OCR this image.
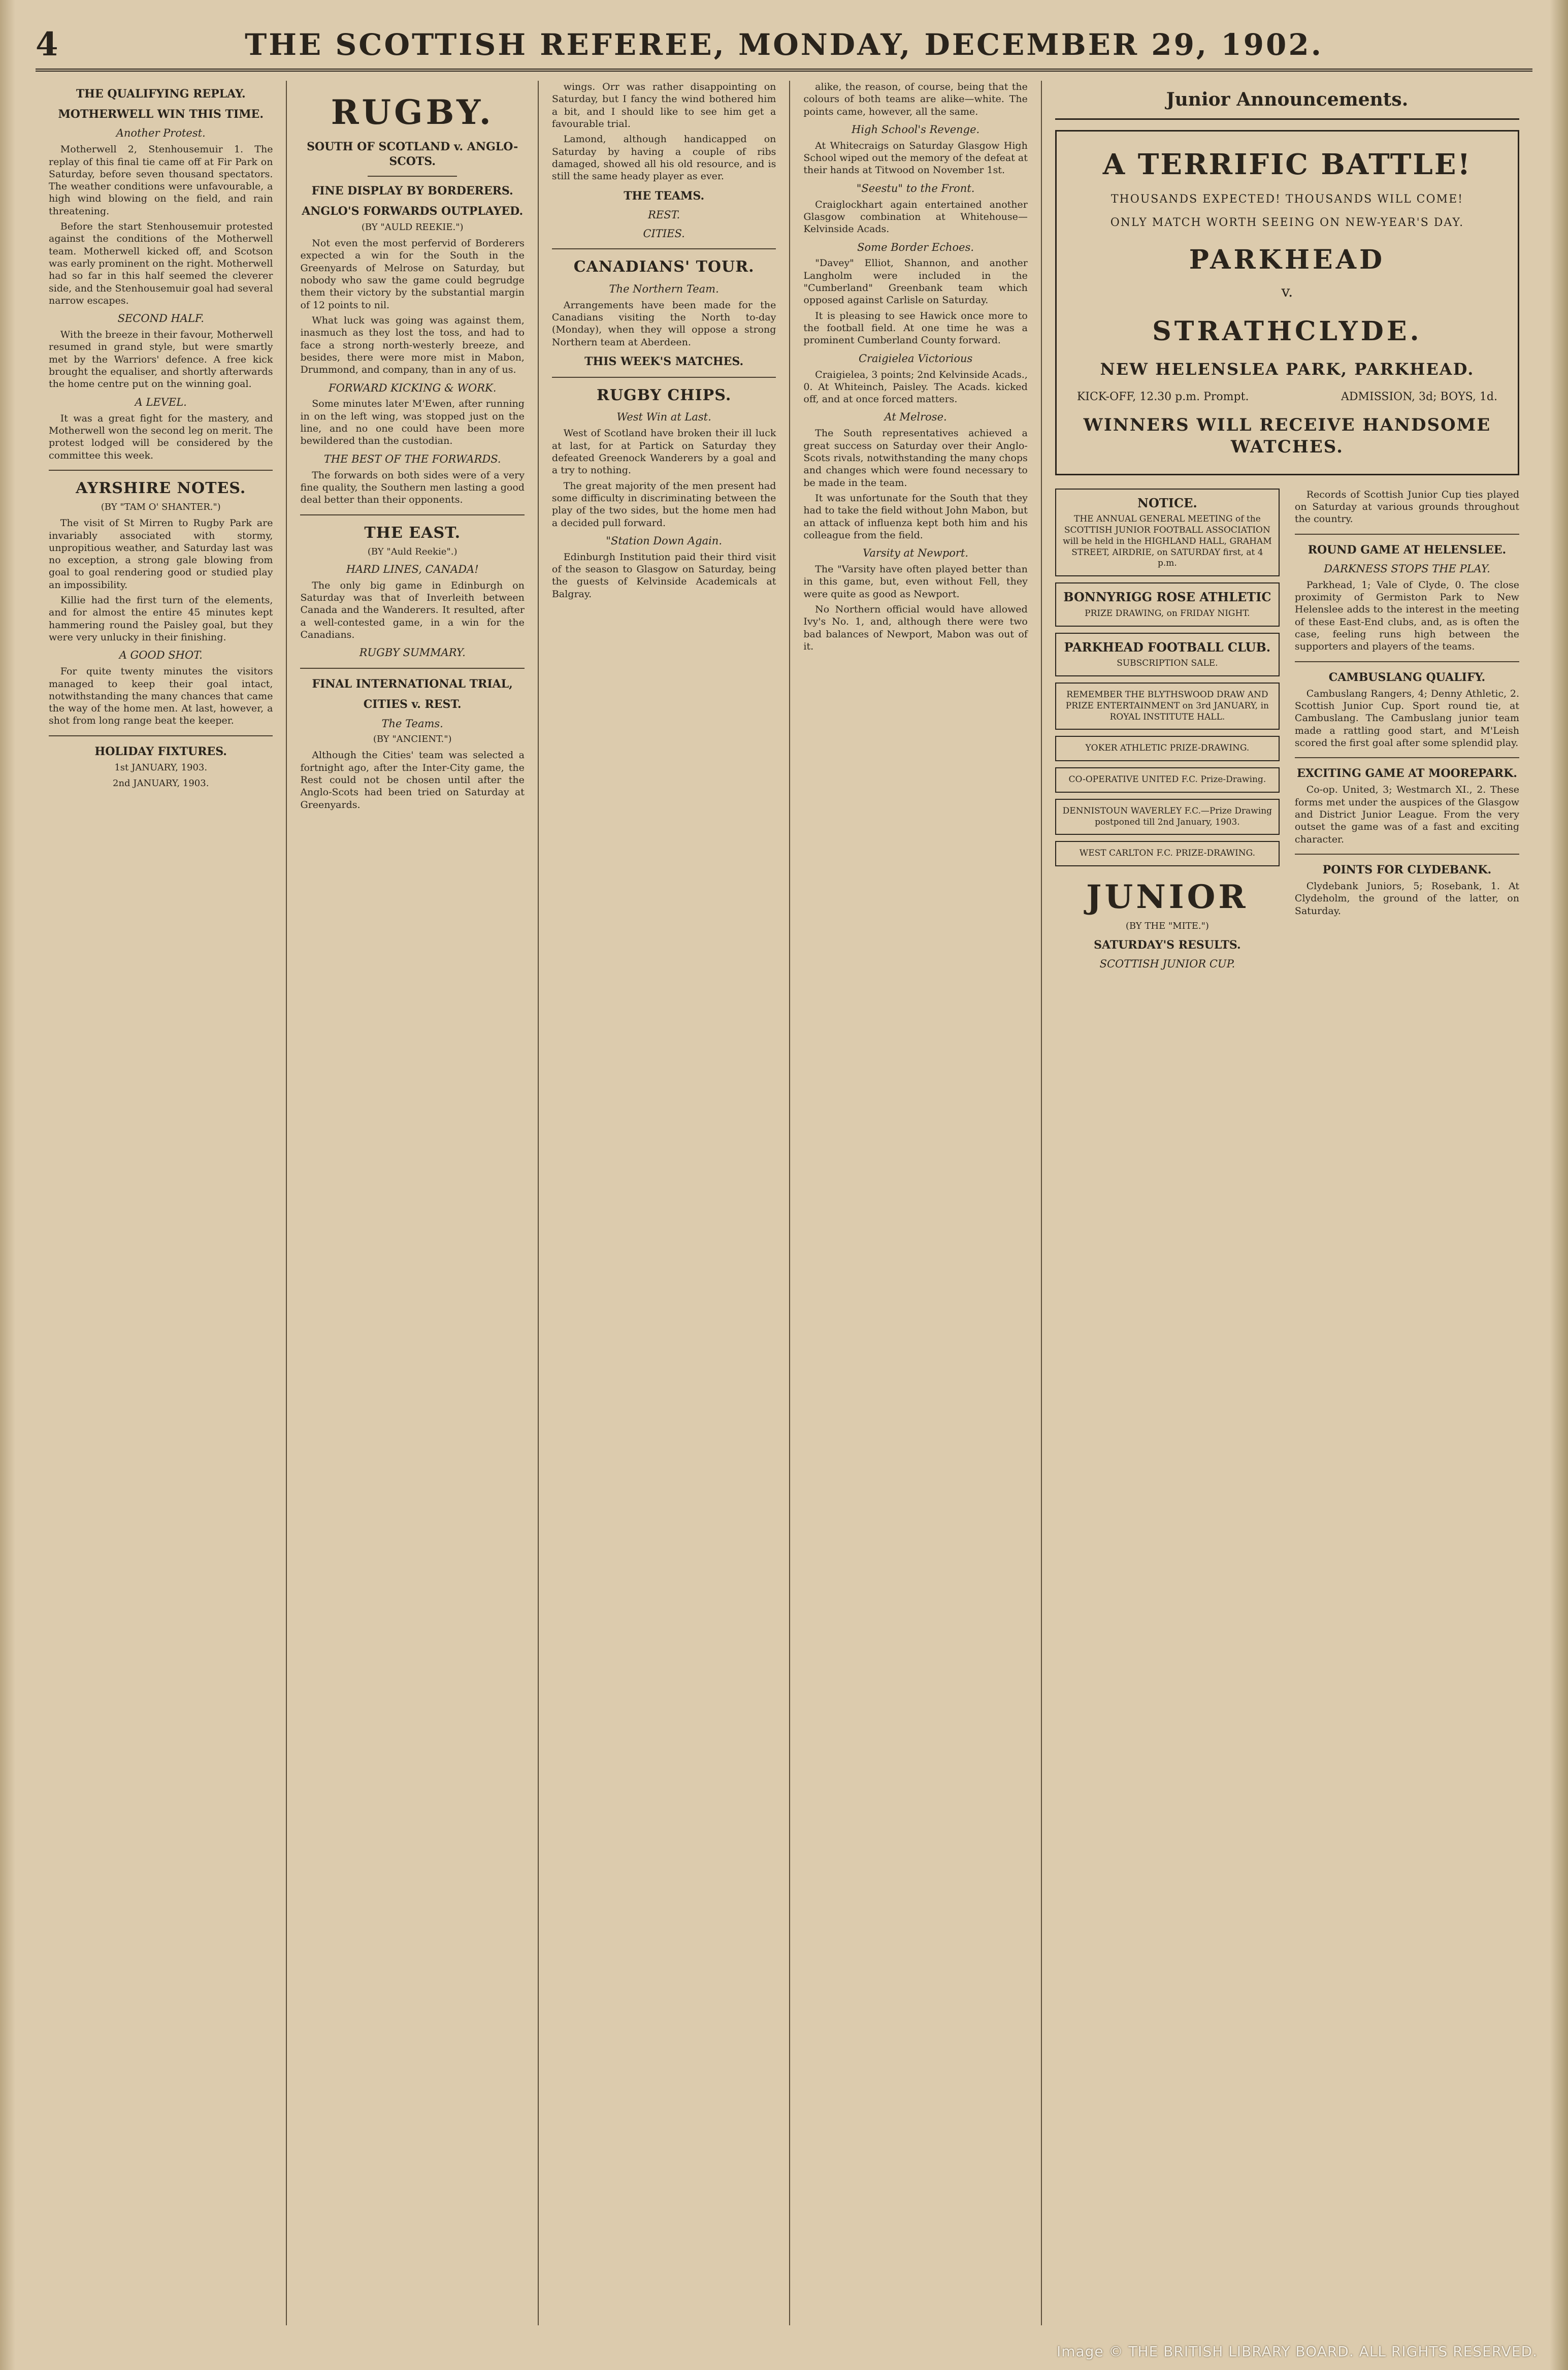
4	THE SCOTTISH REFEREE, MONDAY, DECEMBER 29, 1902.
THE QUALIFYING REPLAY.
MOTHERWELL WIN THIS TIME.
Another Protest.

Motherwell 2, Stenhousemuir 1. The replay of this final tie came off at Fir Park on Saturday, before seven thousand spectators. The weather conditions were unfavourable, a high wind blowing on the field, and rain threatening.

Before the start Stenhousemuir protested against the conditions of the Motherwell team. Motherwell kicked off, and Scotson was early prominent on the right. Motherwell had so far in this half seemed the cleverer side, and the Stenhousemuir goal had several narrow escapes.

SECOND HALF.

With the breeze in their favour, Motherwell resumed in grand style, but were smartly met by the Warriors' defence. A free kick brought the equaliser, and shortly afterwards the home centre put on the winning goal.

A LEVEL.

It was a great fight for the mastery, and Motherwell won the second leg on merit. The protest lodged will be considered by the committee this week.

AYRSHIRE NOTES.
(BY "TAM O' SHANTER.")

The visit of St Mirren to Rugby Park are invariably associated with stormy, unpropitious weather, and Saturday last was no exception, a strong gale blowing from goal to goal rendering good or studied play an impossibility.

Killie had the first turn of the elements, and for almost the entire 45 minutes kept hammering round the Paisley goal, but they were very unlucky in their finishing.

A GOOD SHOT.

For quite twenty minutes the visitors managed to keep their goal intact, notwithstanding the many chances that came the way of the home men. At last, however, a shot from long range beat the keeper.

HOLIDAY FIXTURES.
1st JANUARY, 1903.
2nd JANUARY, 1903.
RUGBY.
SOUTH OF SCOTLAND v. ANGLO-SCOTS.
FINE DISPLAY BY BORDERERS.
ANGLO'S FORWARDS OUTPLAYED.
(BY "AULD REEKIE.")

Not even the most perfervid of Borderers expected a win for the South in the Greenyards of Melrose on Saturday, but nobody who saw the game could begrudge them their victory by the substantial margin of 12 points to nil.

What luck was going was against them, inasmuch as they lost the toss, and had to face a strong north-westerly breeze, and besides, there were more mist in Mabon, Drummond, and company, than in any of us.

FORWARD KICKING & WORK.

Some minutes later M'Ewen, after running in on the left wing, was stopped just on the line, and no one could have been more bewildered than the custodian.

THE BEST OF THE FORWARDS.

The forwards on both sides were of a very fine quality, the Southern men lasting a good deal better than their opponents.

THE EAST.
(BY "Auld Reekie".)
HARD LINES, CANADA!

The only big game in Edinburgh on Saturday was that of Inverleith between Canada and the Wanderers. It resulted, after a well-contested game, in a win for the Canadians.

RUGBY SUMMARY.
FINAL INTERNATIONAL TRIAL,
CITIES v. REST.
The Teams.
(BY "ANCIENT.")

Although the Cities' team was selected a fortnight ago, after the Inter-City game, the Rest could not be chosen until after the Anglo-Scots had been tried on Saturday at Greenyards.

wings. Orr was rather disappointing on Saturday, but I fancy the wind bothered him a bit, and I should like to see him get a favourable trial.

Lamond, although handicapped on Saturday by having a couple of ribs damaged, showed all his old resource, and is still the same heady player as ever.

THE TEAMS.
REST.
CITIES.
CANADIANS' TOUR.
The Northern Team.

Arrangements have been made for the Canadians visiting the North to-day (Monday), when they will oppose a strong Northern team at Aberdeen.

THIS WEEK'S MATCHES.
RUGBY CHIPS.
West Win at Last.

West of Scotland have broken their ill luck at last, for at Partick on Saturday they defeated Greenock Wanderers by a goal and a try to nothing.

The great majority of the men present had some difficulty in discriminating between the play of the two sides, but the home men had a decided pull forward.

"Station Down Again.

Edinburgh Institution paid their third visit of the season to Glasgow on Saturday, being the guests of Kelvinside Academicals at Balgray.

alike, the reason, of course, being that the colours of both teams are alike—white. The points came, however, all the same.

High School's Revenge.

At Whitecraigs on Saturday Glasgow High School wiped out the memory of the defeat at their hands at Titwood on November 1st.

"Seestu" to the Front.

Craiglockhart again entertained another Glasgow combination at Whitehouse—Kelvinside Acads.

Some Border Echoes.

"Davey" Elliot, Shannon, and another Langholm were included in the "Cumberland" Greenbank team which opposed against Carlisle on Saturday.

It is pleasing to see Hawick once more to the football field. At one time he was a prominent Cumberland County forward.

Craigielea Victorious

Craigielea, 3 points; 2nd Kelvinside Acads., 0. At Whiteinch, Paisley. The Acads. kicked off, and at once forced matters.

At Melrose.

The South representatives achieved a great success on Saturday over their Anglo-Scots rivals, notwithstanding the many chops and changes which were found necessary to be made in the team.

It was unfortunate for the South that they had to take the field without John Mabon, but an attack of influenza kept both him and his colleague from the field.

Varsity at Newport.

The "Varsity have often played better than in this game, but, even without Fell, they were quite as good as Newport.

No Northern official would have allowed Ivy's No. 1, and, although there were two bad balances of Newport, Mabon was out of it.

Junior Announcements.
A TERRIFIC BATTLE!
THOUSANDS EXPECTED! THOUSANDS WILL COME!
ONLY MATCH WORTH SEEING ON NEW-YEAR'S DAY.
PARKHEAD
v.
STRATHCLYDE.
NEW HELENSLEA PARK, PARKHEAD.
KICK-OFF, 12.30 p.m. Prompt.	ADMISSION, 3d; BOYS, 1d.
WINNERS WILL RECEIVE HANDSOME WATCHES.
NOTICE.
THE ANNUAL GENERAL MEETING of the SCOTTISH JUNIOR FOOTBALL ASSOCIATION will be held in the HIGHLAND HALL, GRAHAM STREET, AIRDRIE, on SATURDAY first, at 4 p.m.
BONNYRIGG ROSE ATHLETIC
PRIZE DRAWING, on FRIDAY NIGHT.
PARKHEAD FOOTBALL CLUB.
SUBSCRIPTION SALE.
REMEMBER THE BLYTHSWOOD DRAW AND PRIZE ENTERTAINMENT on 3rd JANUARY, in ROYAL INSTITUTE HALL.
YOKER ATHLETIC PRIZE-DRAWING.
CO-OPERATIVE UNITED F.C. Prize-Drawing.
DENNISTOUN WAVERLEY F.C.—Prize Drawing postponed till 2nd January, 1903.
WEST CARLTON F.C. PRIZE-DRAWING.
JUNIOR
(BY THE "MITE.")
SATURDAY'S RESULTS.
SCOTTISH JUNIOR CUP.

Records of Scottish Junior Cup ties played on Saturday at various grounds throughout the country.

ROUND GAME AT HELENSLEE.
DARKNESS STOPS THE PLAY.

Parkhead, 1; Vale of Clyde, 0. The close proximity of Germiston Park to New Helenslee adds to the interest in the meeting of these East-End clubs, and, as is often the case, feeling runs high between the supporters and players of the teams.

CAMBUSLANG QUALIFY.

Cambuslang Rangers, 4; Denny Athletic, 2. Scottish Junior Cup. Sport round tie, at Cambuslang. The Cambuslang junior team made a rattling good start, and M'Leish scored the first goal after some splendid play.

EXCITING GAME AT MOOREPARK.

Co-op. United, 3; Westmarch XI., 2. These forms met under the auspices of the Glasgow and District Junior League. From the very outset the game was of a fast and exciting character.

POINTS FOR CLYDEBANK.

Clydebank Juniors, 5; Rosebank, 1. At Clydeholm, the ground of the latter, on Saturday.

Image © THE BRITISH LIBRARY BOARD. ALL RIGHTS RESERVED.
